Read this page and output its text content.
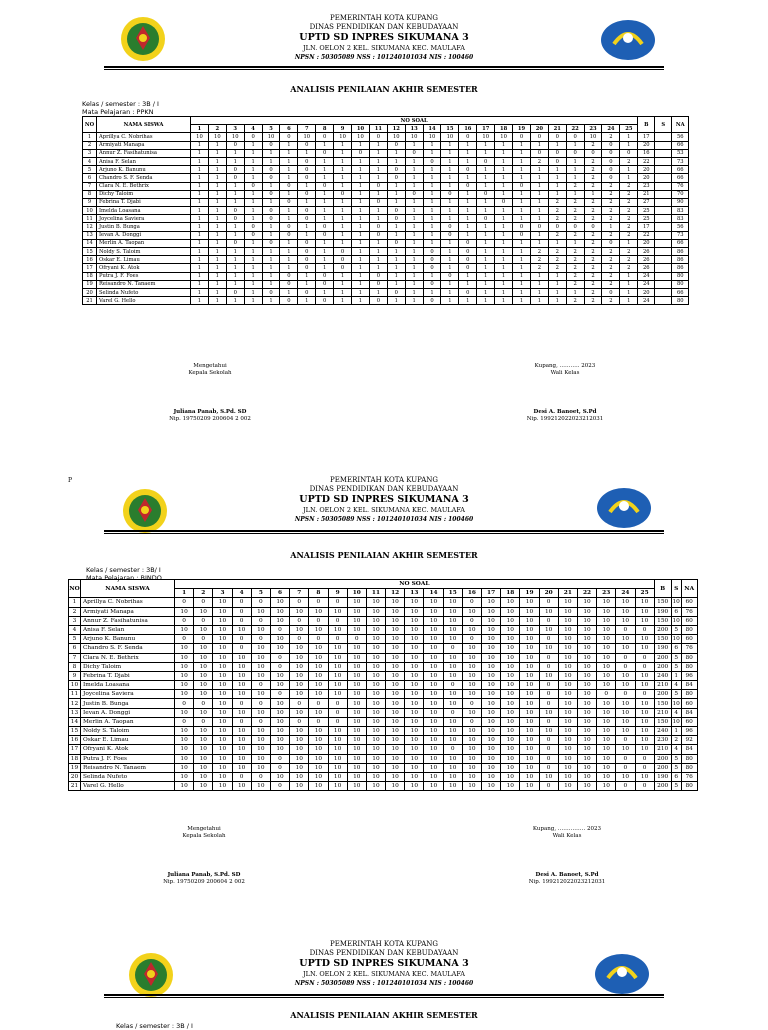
PEMERINTAH KOTA KUPANG
DINAS PENDIDIKAN DAN KEBUDAYAAN
UPTD SD INPRES SIKUMANA 3
JLN. OELON 2 KEL. SIKUMANA KEC. MAULAFA
NPSN : 50305089 NSS : 101240101034 NIS : 100460
ANALISIS PENILAIAN AKHIR SEMESTER
Kelas / semester : 3B / I
Mata Pelajaran : PPKN
NO	NAMA SISWA	NO SOAL																									B	S	NA
		1	2	3	4	5	6	7	8	9	10	11	12	13	14	15	16	17	18	19	20	21	22	23	24	25			
1	Aprillya C. Nobrihas	10	10	10	0	10	0	10	0	10	10	0	10	10	10	10	0	10	10	0	0	0	0	10	2	1	17		56
2	Armiyati Manapa	1	1	0	1	0	1	0	1	1	1	1	0	1	1	1	1	1	1	1	1	1	1	2	0	1	20		66
3	Annur Z. Fasihatunisa	1	1	1	1	1	1	1	0	1	0	1	1	0	1	1	1	1	1	1	0	0	0	0	0	0	16		53
4	Anisa F. Selan	1	1	1	1	1	1	0	1	1	1	1	1	1	0	1	1	0	1	1	2	0	1	2	0	2	22		73
5	Arjuno K. Banunu	1	1	0	1	0	1	0	1	1	1	1	0	1	1	1	0	1	1	1	1	1	1	2	0	1	20		66
6	Chandro S. F. Senda	1	1	0	1	0	1	0	1	1	1	1	0	1	1	1	1	1	1	1	1	1	1	2	0	1	20		66
7	Clara N. E. Bethrix	1	1	1	0	1	0	1	0	1	1	0	1	1	1	1	0	1	1	0	1	1	2	2	2	2	23		76
8	Dichy Taloim	1	1	1	1	0	1	0	1	0	1	1	1	0	1	0	1	0	1	1	1	1	1	1	2	2	21		70
9	Febrina T. Djabi	1	1	1	1	1	0	1	1	1	1	0	1	1	1	1	1	1	0	1	1	2	2	2	2	2	27		90
10	Imelda Loasana	1	1	0	1	0	1	0	1	1	1	1	0	1	1	1	1	1	1	1	1	2	2	2	2	2	25		83
11	Joycelina Saviera	1	1	0	1	0	1	0	1	1	1	1	0	1	1	1	1	0	1	1	1	2	2	2	2	2	25		83
12	Justin B. Bunga	1	1	1	0	1	0	1	0	1	1	0	1	1	1	0	1	1	1	0	0	0	0	0	1	2	17		56
13	Ievan A. Donggi	1	1	1	0	1	0	1	0	1	1	0	1	1	1	0	1	1	1	0	1	2	2	2	2	2	22		73
14	Merlin A. Taopan	1	1	0	1	0	1	0	1	1	1	1	0	1	1	1	0	1	1	1	1	1	1	2	0	1	20		66
15	Noldy S. Taloim	1	1	1	1	1	1	0	1	0	1	1	1	1	0	1	0	1	1	1	2	2	2	2	2	2	26		86
16	Oskar E. Limau	1	1	1	1	1	1	0	1	0	1	1	1	1	0	1	0	1	1	1	2	2	2	2	2	2	26		86
17	Ofryani K. Atok	1	1	1	1	1	1	0	1	0	1	1	1	1	0	1	0	1	1	1	2	2	2	2	2	2	26		86
18	Putra J. F. Foes	1	1	1	1	1	0	1	0	1	1	0	1	1	1	0	1	1	1	1	1	1	2	2	2	1	24		80
19	Reisandro N. Tanaem	1	1	1	1	1	0	1	0	1	1	0	1	1	0	1	1	1	1	1	1	1	2	2	2	1	24		80
20	Selinda Nufeto	1	1	0	1	0	1	0	1	1	1	1	0	1	1	1	0	1	1	1	1	1	1	2	0	1	20		66
21	Varel G. Hello	1	1	1	1	1	0	1	0	1	1	0	1	1	0	1	1	1	1	1	1	1	2	2	2	1	24		80
Mengetahui
Kepala Sekolah
Juliana Panab, S.Pd. SD
Nip. 19750209 200604 2 002
Kupang, ……….. 2023
Wali Kelas
Desi A. Banoet, S.Pd
Nip. 199212022023212031
P	PEMERINTAH KOTA KUPANG
DINAS PENDIDIKAN DAN KEBUDAYAAN
UPTD SD INPRES SIKUMANA 3
JLN. OELON 2 KEL. SIKUMANA KEC. MAULAFA
NPSN : 50305089 NSS : 101240101034 NIS : 100460
ANALISIS PENILAIAN AKHIR SEMESTER
Kelas / semester : 3B/ I
Mata Pelajaran : BINDO
NO	NAMA SISWA	NO SOAL																									B	S	NA
		1	2	3	4	5	6	7	8	9	10	11	12	13	14	15	16	17	18	19	20	21	22	23	24	25			
1	Aprillya C. Nobrihas	0	0	10	0	0	10	0	0	0	10	10	10	10	10	10	0	10	10	10	0	10	10	10	10	10	150	10	60
2	Armiyati Manapa	10	10	10	0	10	10	10	10	10	10	10	10	10	10	10	10	10	10	10	10	10	10	10	10	10	190	6	76
3	Annur Z. Fasihatunisa	0	0	10	0	0	10	0	0	0	10	10	10	10	10	10	0	10	10	10	0	10	10	10	10	10	150	10	60
4	Anisa F. Selan	10	10	10	10	10	0	10	10	10	10	10	10	10	10	10	10	10	10	10	10	10	10	10	0	0	200	5	80
5	Arjuno K. Banunu	0	0	10	0	0	10	0	0	0	0	10	10	10	10	10	0	10	10	10	0	10	10	10	10	10	150	10	60
6	Chandro S. F. Senda	10	10	10	0	10	10	10	10	10	10	10	10	10	10	0	10	10	10	10	10	10	10	10	10	10	190	6	76
7	Clara N. E. Bethrix	10	10	10	10	10	0	10	10	10	10	10	10	10	10	10	10	10	10	10	0	10	10	10	0	0	200	5	80
8	Dichy Taloim	10	10	10	10	10	0	10	10	10	10	10	10	10	10	10	10	10	10	10	0	10	10	10	0	0	200	5	80
9	Febrina T. Djabi	10	10	10	10	10	10	10	10	10	10	10	10	10	10	10	10	10	10	10	10	10	10	10	10	10	240	1	96
10	Imelda Loasana	10	10	10	10	0	10	10	10	10	10	10	10	10	10	0	10	10	10	10	0	10	10	10	10	10	210	4	84
11	Joycelina Saviera	10	10	10	10	10	0	10	10	10	10	10	10	10	10	10	10	10	10	10	0	10	10	0	0	0	200	5	80
12	Justin B. Bunga	0	0	10	0	0	10	0	0	0	10	10	10	10	10	10	0	10	10	10	0	10	10	10	10	10	150	10	60
13	Ievan A. Donggi	10	10	10	10	10	10	10	10	0	10	10	10	10	10	0	10	10	10	10	10	10	10	10	10	10	210	4	84
14	Merlin A. Taopan	0	0	10	0	0	10	0	0	0	10	10	10	10	10	10	0	10	10	10	0	10	10	10	10	10	150	10	60
15	Noldy S. Taloim	10	10	10	10	10	10	10	10	10	10	10	10	10	10	10	10	10	10	10	10	10	10	10	10	10	240	1	96
16	Oskar E. Limau	10	10	10	10	10	10	10	10	10	10	10	10	10	10	10	10	10	10	10	0	10	10	10	0	10	230	2	92
17	Ofryani K. Atok	10	10	10	10	10	10	10	10	10	10	10	10	10	10	0	10	10	10	10	0	10	10	10	10	10	210	4	84
18	Putra J. F. Foes	10	10	10	10	10	0	10	10	10	10	10	10	10	10	10	10	10	10	10	0	10	10	10	0	0	200	5	80
19	Reisandro N. Tanaem	10	10	10	10	10	0	10	10	10	10	10	10	10	10	10	10	10	10	10	0	10	10	10	0	0	200	5	80
20	Selinda Nufeto	10	10	10	0	0	10	10	10	10	10	10	10	10	10	10	10	10	10	10	10	10	10	10	10	10	190	6	76
21	Varel G. Hello	10	10	10	10	10	0	10	10	10	10	10	10	10	10	10	10	10	10	10	0	10	10	10	0	0	200	5	80
Mengetahui
Kepala Sekolah
Juliana Panab, S.Pd. SD
Nip. 19750209 200604 2 002
Kupang, …………… 2023
Wali Kelas
Desi A. Banoet, S.Pd
Nip. 199212022023212031
PEMERINTAH KOTA KUPANG
DINAS PENDIDIKAN DAN KEBUDAYAAN
UPTD SD INPRES SIKUMANA 3
JLN. OELON 2 KEL. SIKUMANA KEC. MAULAFA
NPSN : 50305089 NSS : 101240101034 NIS : 100460
ANALISIS PENILAIAN AKHIR SEMESTER
Kelas / semester : 3B / I
